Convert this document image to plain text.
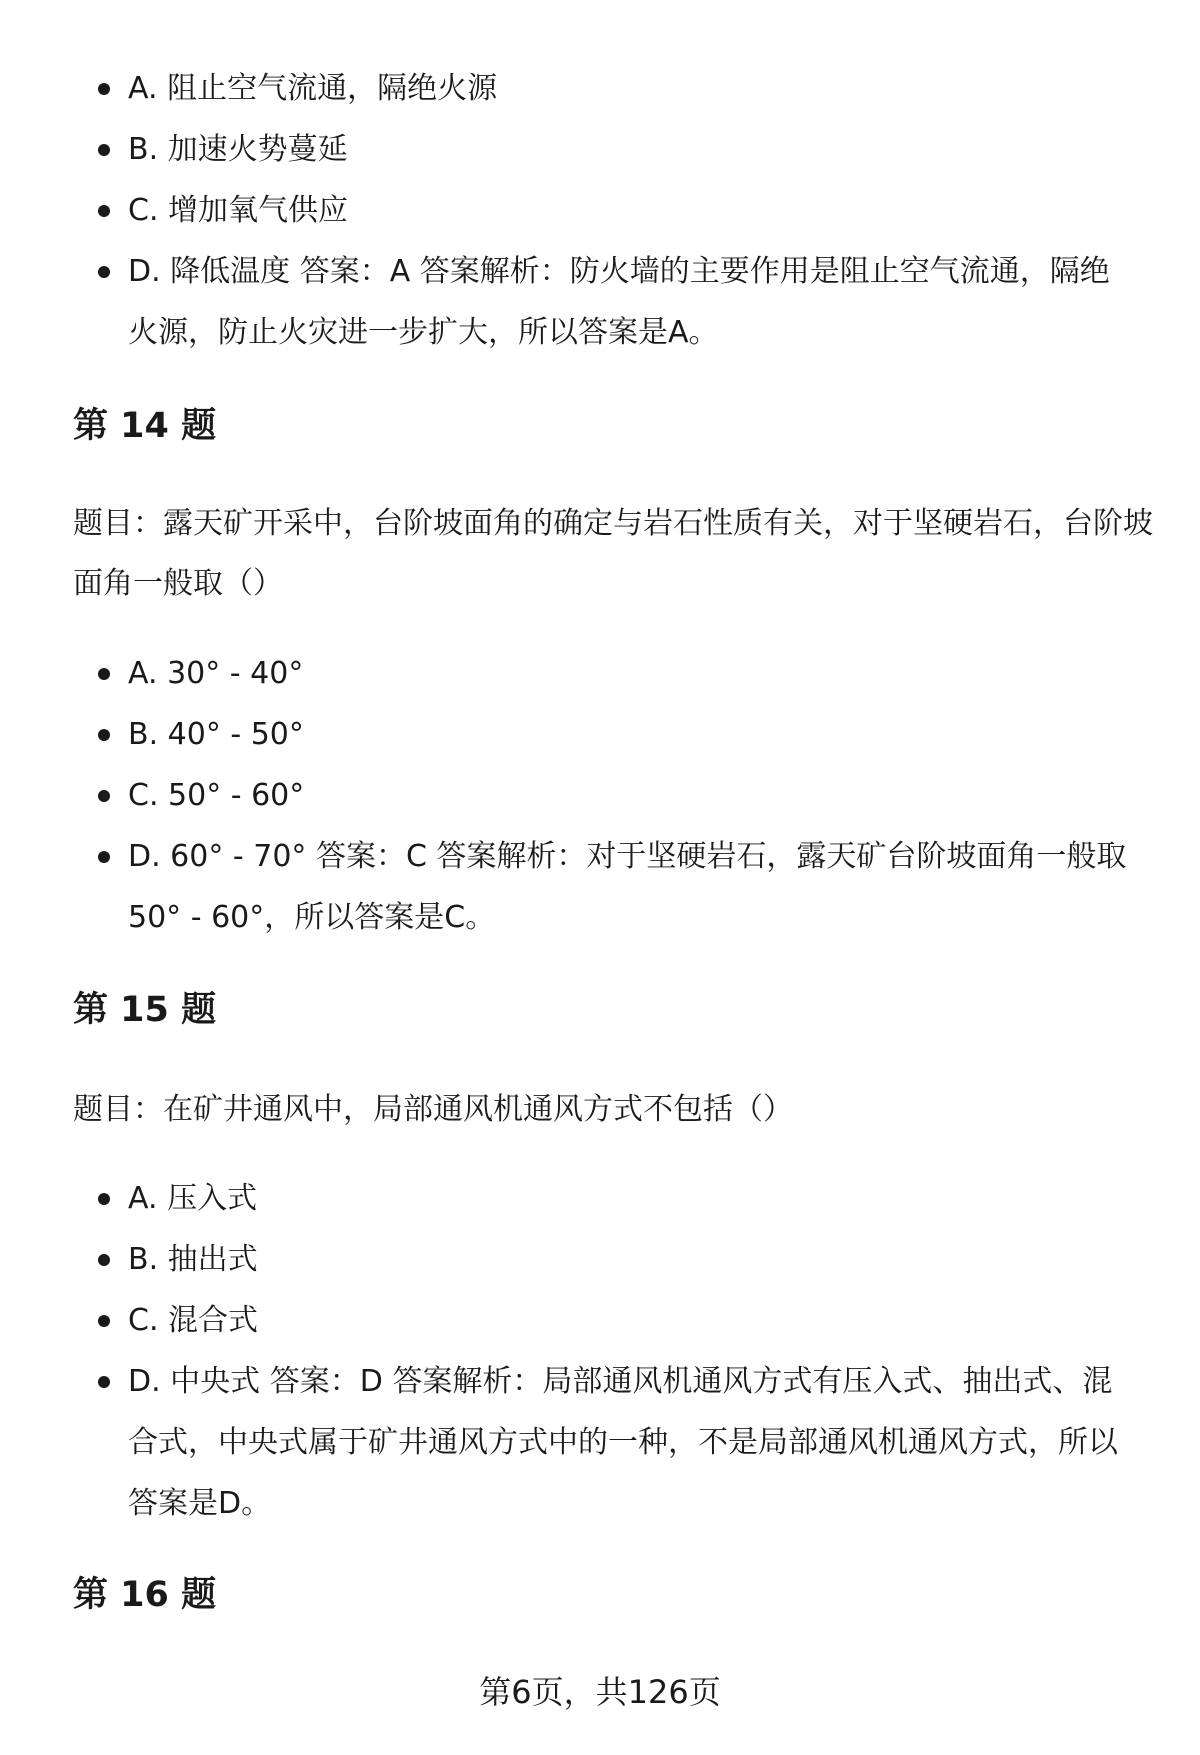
A. 阻止空气流通，隔绝火源
B. 加速火势蔓延
C. 增加氧气供应
D. 降低温度 答案：A 答案解析：防火墙的主要作用是阻止空气流通，隔绝火源，防止火灾进一步扩大，所以答案是A。
第 14 题
题目：露天矿开采中，台阶坡面角的确定与岩石性质有关，对于坚硬岩石，台阶坡面角一般取（）
A. 30° - 40°
B. 40° - 50°
C. 50° - 60°
D. 60° - 70° 答案：C 答案解析：对于坚硬岩石，露天矿台阶坡面角一般取50° - 60°，所以答案是C。
第 15 题
题目：在矿井通风中，局部通风机通风方式不包括（）
A. 压入式
B. 抽出式
C. 混合式
D. 中央式 答案：D 答案解析：局部通风机通风方式有压入式、抽出式、混合式，中央式属于矿井通风方式中的一种，不是局部通风机通风方式，所以答案是D。
第 16 题
第6页，共126页
